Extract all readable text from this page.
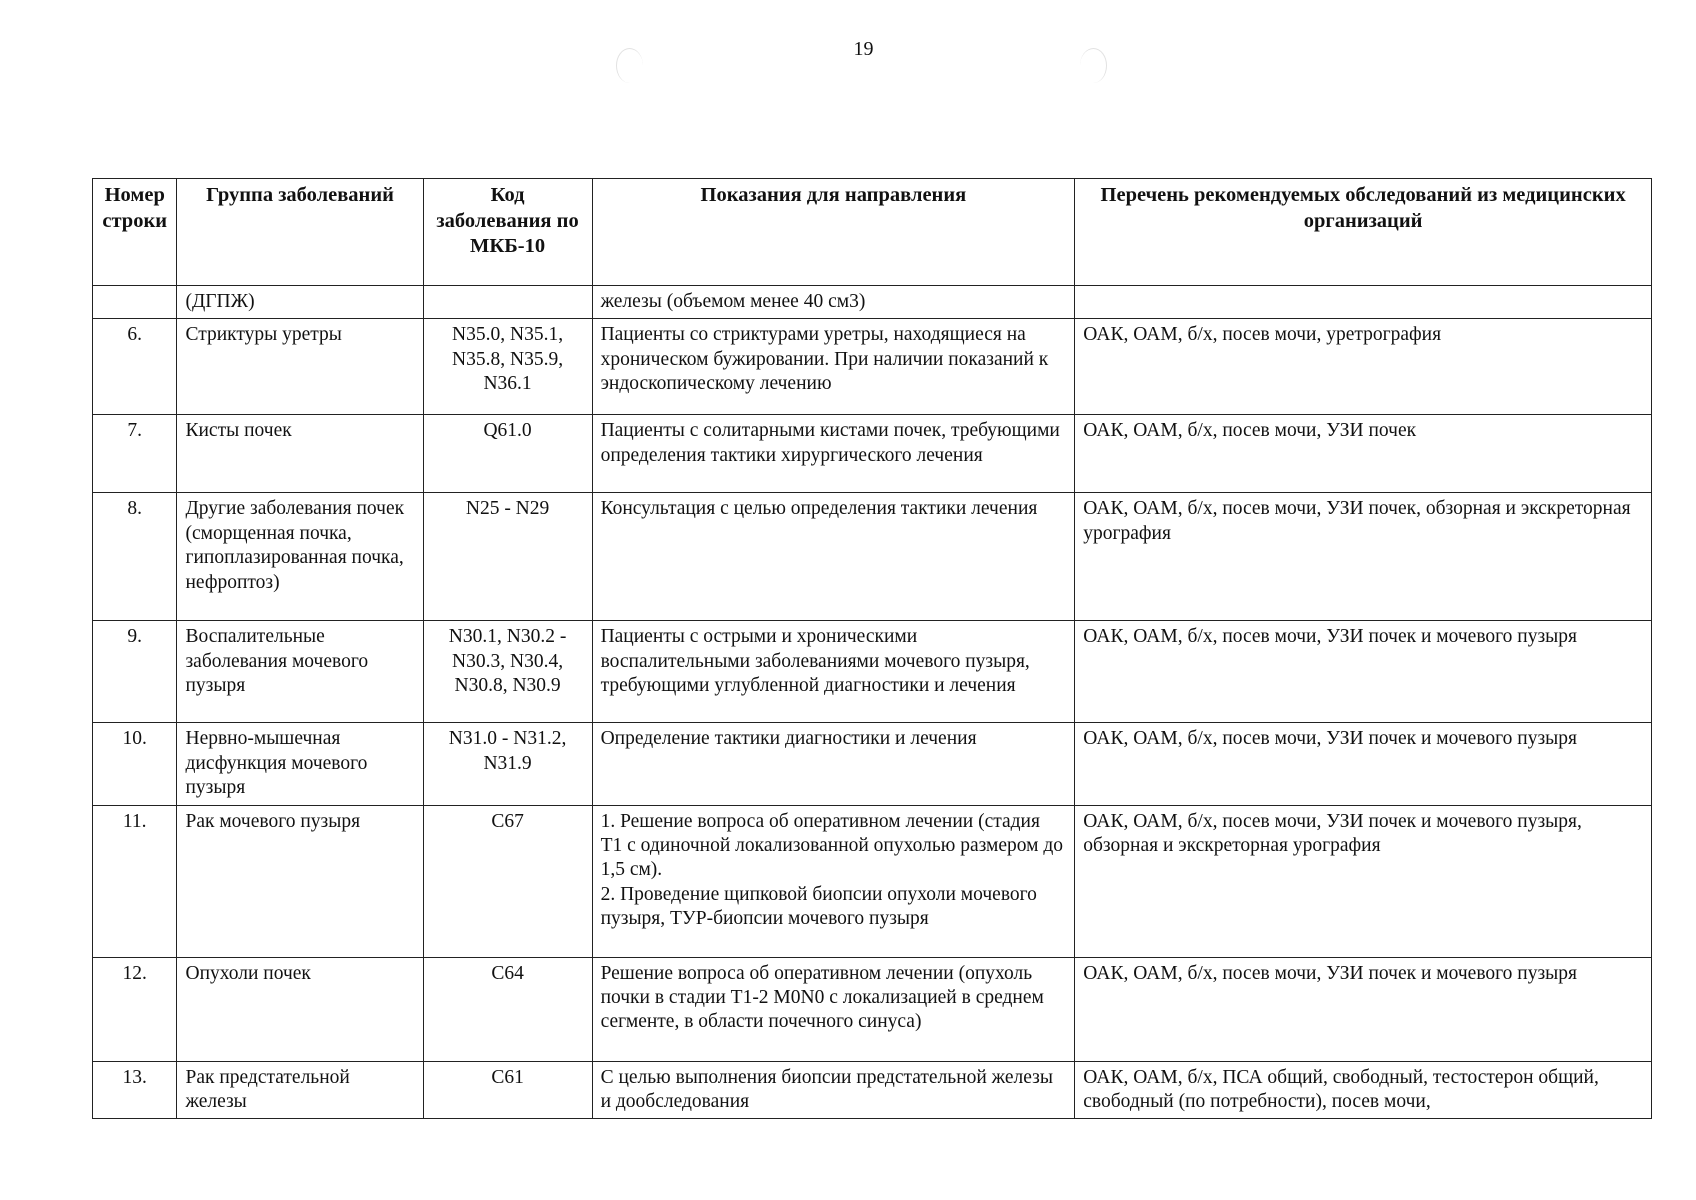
19
Номер строки	Группа заболеваний	Код заболевания по МКБ-10	Показания для направления	Перечень рекомендуемых обследований из медицинских организаций
	(ДГПЖ)		железы (объемом менее 40 см3)	
6.	Стриктуры уретры	N35.0, N35.1, N35.8, N35.9, N36.1	Пациенты со стриктурами уретры, находящиеся на хроническом бужировании. При наличии показаний к эндоскопическому лечению	ОАК, ОАМ, б/х, посев мочи, уретрография
7.	Кисты почек	Q61.0	Пациенты с солитарными кистами почек, требующими определения тактики хирургического лечения	ОАК, ОАМ, б/х, посев мочи, УЗИ почек
8.	Другие заболевания почек (сморщенная почка, гипоплазированная почка, нефроптоз)	N25 - N29	Консультация с целью определения тактики лечения	ОАК, ОАМ, б/х, посев мочи, УЗИ почек, обзорная и экскреторная урография
9.	Воспалительные заболевания мочевого пузыря	N30.1, N30.2 - N30.3, N30.4, N30.8, N30.9	Пациенты с острыми и хроническими воспалительными заболеваниями мочевого пузыря, требующими углубленной диагностики и лечения	ОАК, ОАМ, б/х, посев мочи, УЗИ почек и мочевого пузыря
10.	Нервно-мышечная дисфункция мочевого пузыря	N31.0 - N31.2, N31.9	Определение тактики диагностики и лечения	ОАК, ОАМ, б/х, посев мочи, УЗИ почек и мочевого пузыря
11.	Рак мочевого пузыря	C67	1. Решение вопроса об оперативном лечении (стадия Т1 с одиночной локализованной опухолью размером до 1,5 см).
2. Проведение щипковой биопсии опухоли мочевого пузыря, ТУР-биопсии мочевого пузыря	ОАК, ОАМ, б/х, посев мочи, УЗИ почек и мочевого пузыря, обзорная и экскреторная урография
12.	Опухоли почек	C64	Решение вопроса об оперативном лечении (опухоль почки в стадии Т1-2 M0N0 с локализацией в среднем сегменте, в области почечного синуса)	ОАК, ОАМ, б/х, посев мочи, УЗИ почек и мочевого пузыря
13.	Рак предстательной железы	C61	С целью выполнения биопсии предстательной железы и дообследования	ОАК, ОАМ, б/х, ПСА общий, свободный, тестостерон общий, свободный (по потребности), посев мочи,
